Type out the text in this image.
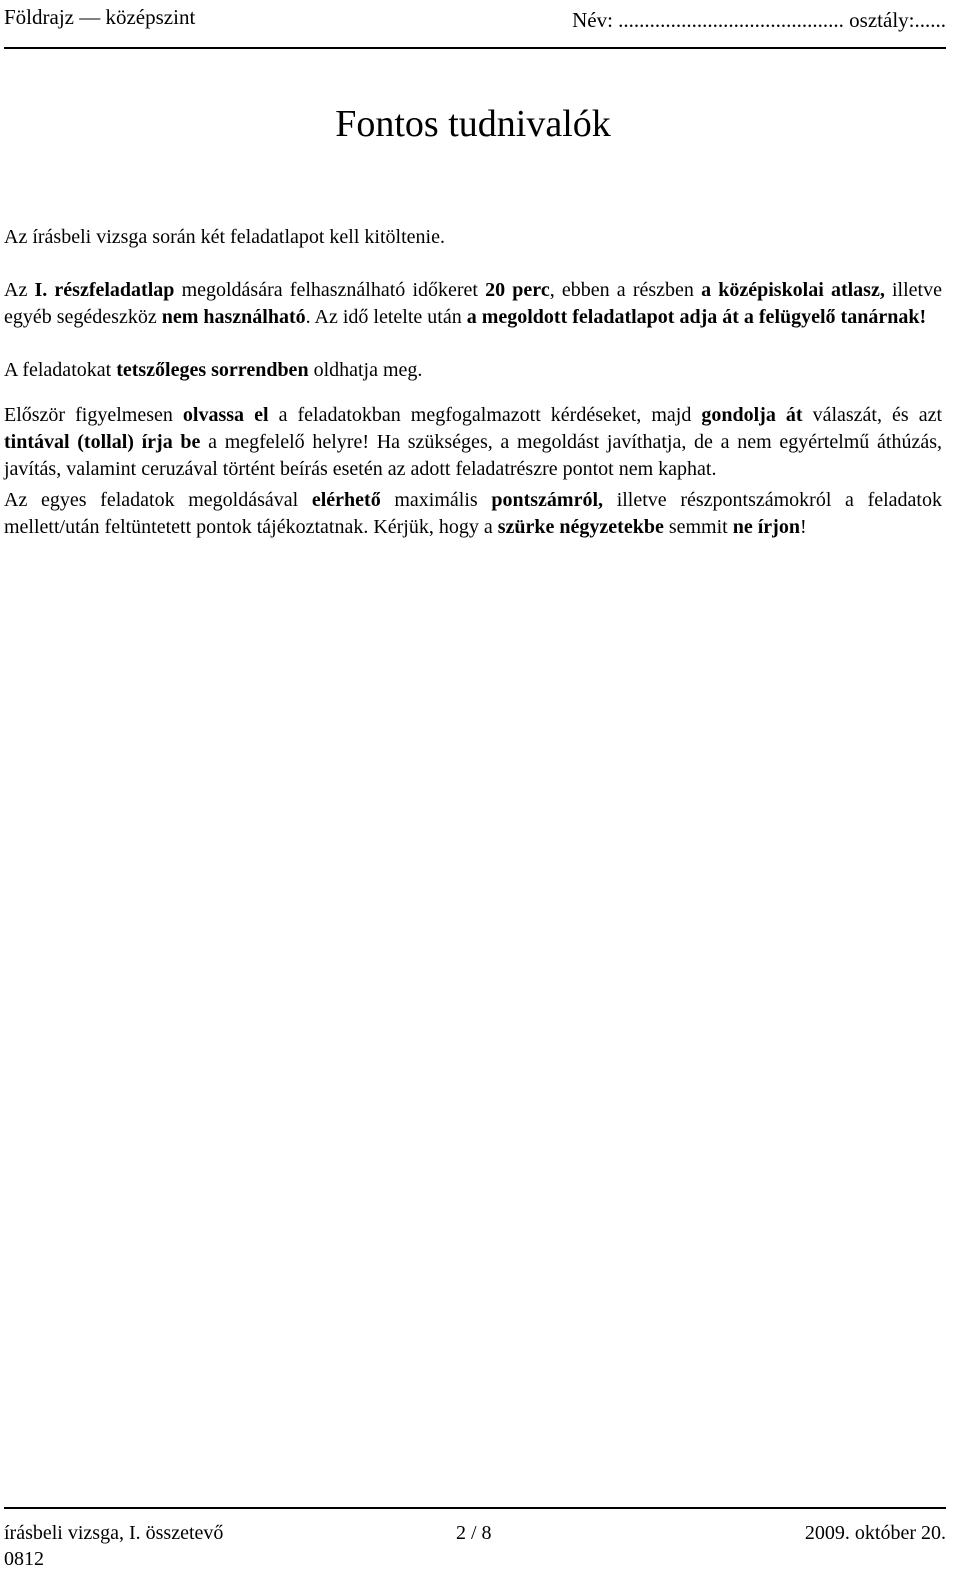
Földrajz — középszint	Név: ........................................... osztály:......
Fontos tudnivalók

Az írásbeli vizsga során két feladatlapot kell kitöltenie.

Az I. részfeladatlap megoldására felhasználható időkeret 20 perc, ebben a részben a középiskolai atlasz, illetve egyéb segédeszköz nem használható. Az idő letelte után a megoldott feladatlapot adja át a felügyelő tanárnak!

A feladatokat tetszőleges sorrendben oldhatja meg.

Először figyelmesen olvassa el a feladatokban megfogalmazott kérdéseket, majd gondolja át válaszát, és azt tintával (tollal) írja be a megfelelő helyre! Ha szükséges, a megoldást javíthatja, de a nem egyértelmű áthúzás, javítás, valamint ceruzával történt beírás esetén az adott feladatrészre pontot nem kaphat.

Az egyes feladatok megoldásával elérhető maximális pontszámról, illetve részpontszámokról a feladatok mellett/után feltüntetett pontok tájékoztatnak. Kérjük, hogy a szürke négyzetekbe semmit ne írjon!

írásbeli vizsga, I. összetevő	2 / 8	2009. október 20.
0812
